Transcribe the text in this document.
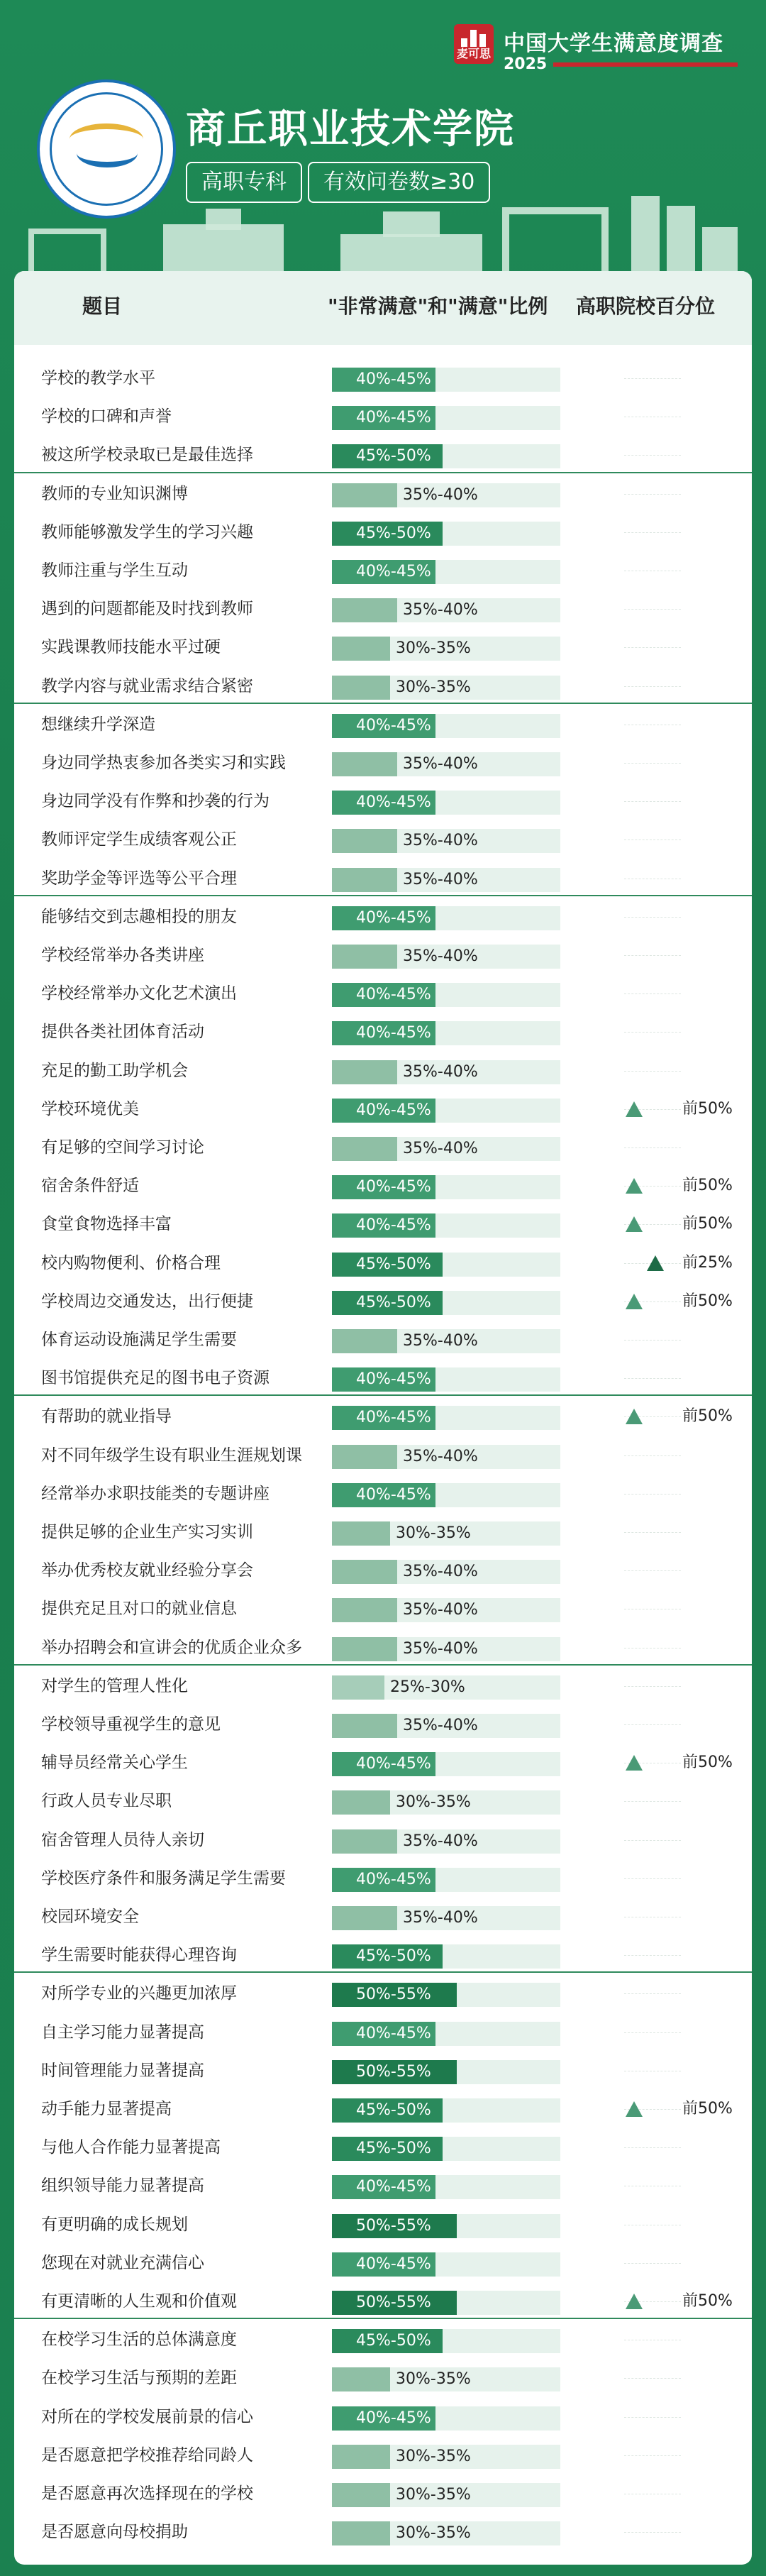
麦可思 中国大学生满意度调查
2025
商丘职业技术学院
高职专科	有效问卷数≥30
题目	"非常满意"和"满意"比例 高职院校百分位
学校的教学水平	40%-45%
学校的口碑和声誉	40%-45%
被这所学校录取已是最佳选择	45%-50%
教师的专业知识渊博	35%-40%
教师能够激发学生的学习兴趣	45%-50%
教师注重与学生互动	40%-45%
遇到的问题都能及时找到教师	35%-40%
实践课教师技能水平过硬	30%-35%
教学内容与就业需求结合紧密	30%-35%
想继续升学深造	40%-45%
身边同学热衷参加各类实习和实践	35%-40%
身边同学没有作弊和抄袭的行为	40%-45%
教师评定学生成绩客观公正	35%-40%
奖助学金等评选等公平合理	35%-40%
能够结交到志趣相投的朋友	40%-45%
学校经常举办各类讲座	35%-40%
学校经常举办文化艺术演出	40%-45%
提供各类社团体育活动	40%-45%
充足的勤工助学机会	35%-40%
学校环境优美	40%-45%	前50%
有足够的空间学习讨论	35%-40%
宿舍条件舒适	40%-45%	前50%
食堂食物选择丰富	40%-45%	前50%
校内购物便利、价格合理	45%-50%	前25%
学校周边交通发达，出行便捷	45%-50%	前50%
体育运动设施满足学生需要	35%-40%
图书馆提供充足的图书电子资源	40%-45%
有帮助的就业指导	40%-45%	前50%
对不同年级学生设有职业生涯规划课	35%-40%
经常举办求职技能类的专题讲座	40%-45%
提供足够的企业生产实习实训	30%-35%
举办优秀校友就业经验分享会	35%-40%
提供充足且对口的就业信息	35%-40%
举办招聘会和宣讲会的优质企业众多	35%-40%
对学生的管理人性化	25%-30%
学校领导重视学生的意见	35%-40%
辅导员经常关心学生	40%-45%	前50%
行政人员专业尽职	30%-35%
宿舍管理人员待人亲切	35%-40%
学校医疗条件和服务满足学生需要	40%-45%
校园环境安全	35%-40%
学生需要时能获得心理咨询	45%-50%
对所学专业的兴趣更加浓厚	50%-55%
自主学习能力显著提高	40%-45%
时间管理能力显著提高	50%-55%
动手能力显著提高	45%-50%	前50%
与他人合作能力显著提高	45%-50%
组织领导能力显著提高	40%-45%
有更明确的成长规划	50%-55%
您现在对就业充满信心	40%-45%
有更清晰的人生观和价值观	50%-55%	前50%
在校学习生活的总体满意度	45%-50%
在校学习生活与预期的差距	30%-35%
对所在的学校发展前景的信心	40%-45%
是否愿意把学校推荐给同龄人	30%-35%
是否愿意再次选择现在的学校	30%-35%
是否愿意向母校捐助	30%-35%
